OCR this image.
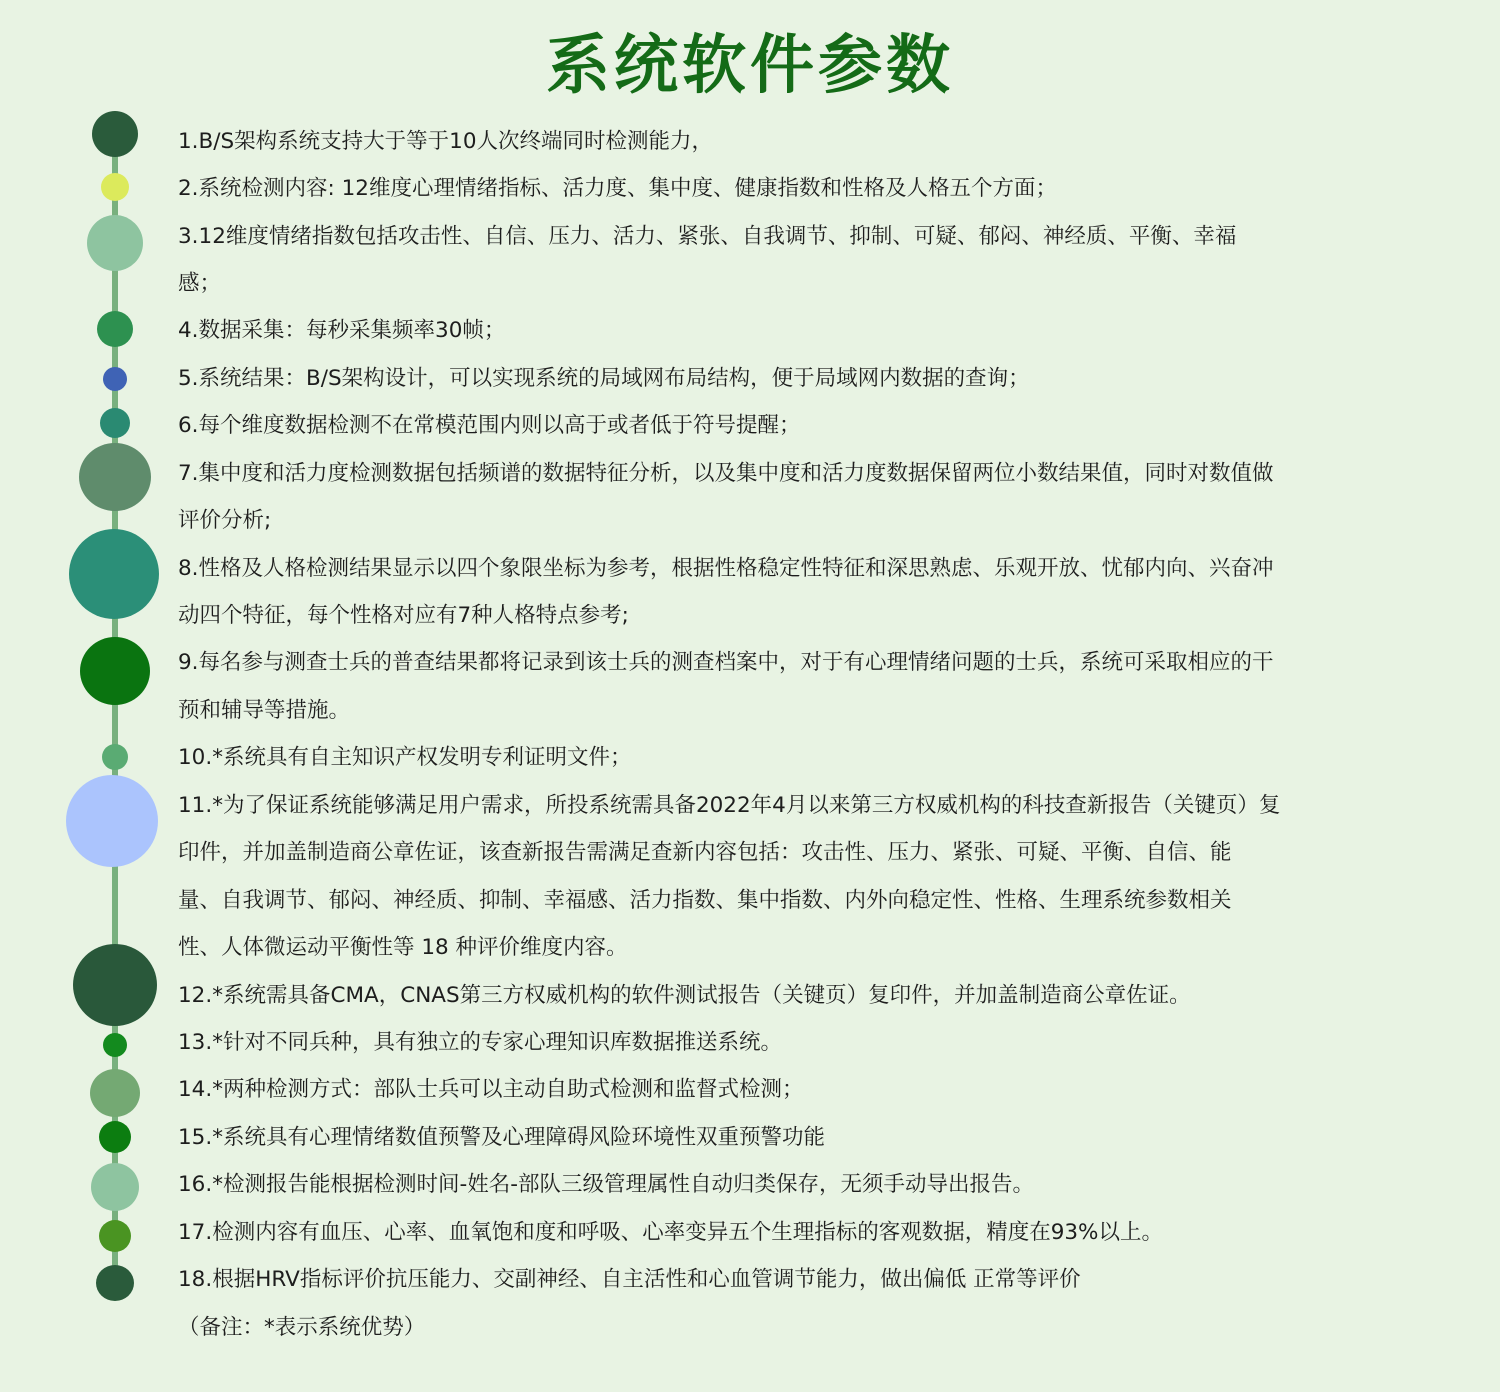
系统软件参数
1.B/S架构系统支持大于等于10人次终端同时检测能力，
2.系统检测内容: 12维度心理情绪指标、活力度、集中度、健康指数和性格及人格五个方面；
3.12维度情绪指数包括攻击性、自信、压力、活力、紧张、自我调节、抑制、可疑、郁闷、神经质、平衡、幸福
感；
4.数据采集：每秒采集频率30帧；
5.系统结果：B/S架构设计，可以实现系统的局域网布局结构，便于局域网内数据的查询；
6.每个维度数据检测不在常模范围内则以高于或者低于符号提醒；
7.集中度和活力度检测数据包括频谱的数据特征分析，以及集中度和活力度数据保留两位小数结果值，同时对数值做
评价分析;
8.性格及人格检测结果显示以四个象限坐标为参考，根据性格稳定性特征和深思熟虑、乐观开放、忧郁内向、兴奋冲
动四个特征，每个性格对应有7种人格特点参考;
9.每名参与测查士兵的普查结果都将记录到该士兵的测查档案中，对于有心理情绪问题的士兵，系统可采取相应的干
预和辅导等措施。
10.*系统具有自主知识产权发明专利证明文件；
11.*为了保证系统能够满足用户需求，所投系统需具备2022年4月以来第三方权威机构的科技查新报告（关键页）复
印件，并加盖制造商公章佐证，该查新报告需满足查新内容包括：攻击性、压力、紧张、可疑、平衡、自信、能
量、自我调节、郁闷、神经质、抑制、幸福感、活力指数、集中指数、内外向稳定性、性格、生理系统参数相关
性、人体微运动平衡性等 18 种评价维度内容。
12.*系统需具备CMA，CNAS第三方权威机构的软件测试报告（关键页）复印件，并加盖制造商公章佐证。
13.*针对不同兵种，具有独立的专家心理知识库数据推送系统。
14.*两种检测方式：部队士兵可以主动自助式检测和监督式检测；
15.*系统具有心理情绪数值预警及心理障碍风险环境性双重预警功能
16.*检测报告能根据检测时间-姓名-部队三级管理属性自动归类保存，无须手动导出报告。
17.检测内容有血压、心率、血氧饱和度和呼吸、心率变异五个生理指标的客观数据，精度在93%以上。
18.根据HRV指标评价抗压能力、交副神经、自主活性和心血管调节能力，做出偏低 正常等评价
（备注：*表示系统优势）
